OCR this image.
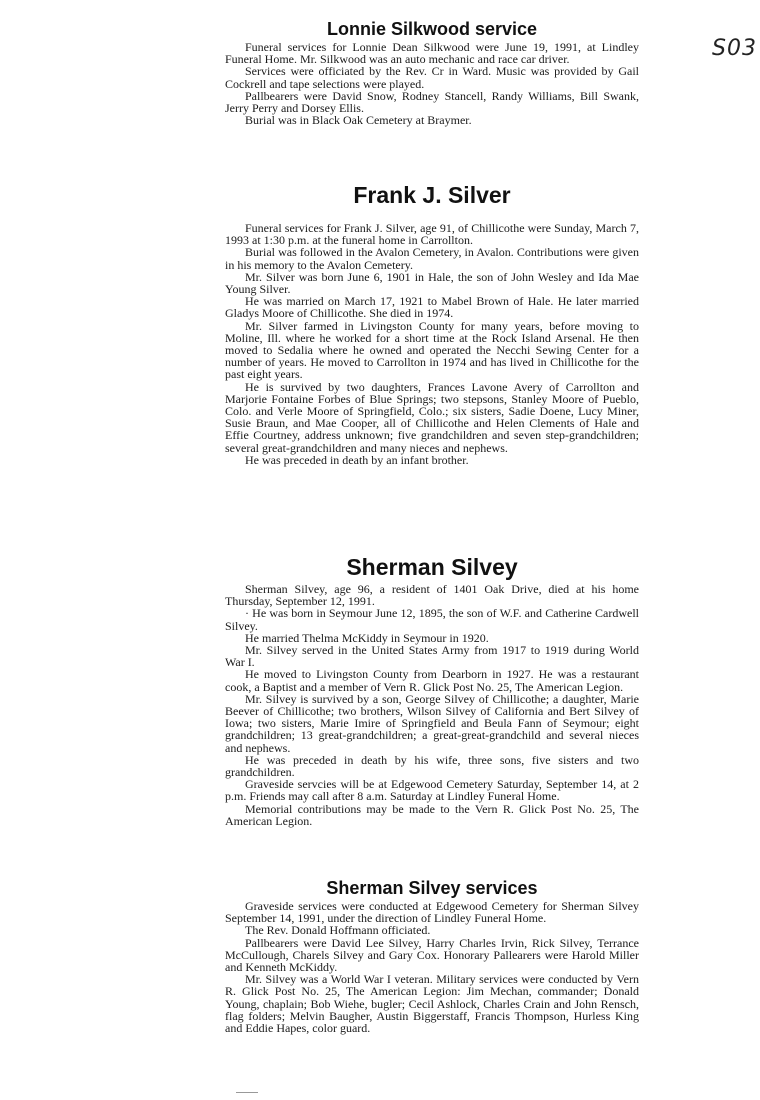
S03
Lonnie Silkwood service

Funeral services for Lonnie Dean Silkwood were June 19, 1991, at Lindley Funeral Home. Mr. Silkwood was an auto mechanic and race car driver.

Services were officiated by the Rev. Cr in Ward. Music was provided by Gail Cockrell and tape selections were played.

Pallbearers were David Snow, Rodney Stancell, Randy Williams, Bill Swank, Jerry Perry and Dorsey Ellis.

Burial was in Black Oak Cemetery at Braymer.

Frank J. Silver

Funeral services for Frank J. Silver, age 91, of Chillicothe were Sunday, March 7, 1993 at 1:30 p.m. at the funeral home in Carrollton.

Burial was followed in the Avalon Cemetery, in Avalon. Contributions were given in his memory to the Avalon Cemetery.

Mr. Silver was born June 6, 1901 in Hale, the son of John Wesley and Ida Mae Young Silver.

He was married on March 17, 1921 to Mabel Brown of Hale. He later married Gladys Moore of Chillicothe. She died in 1974.

Mr. Silver farmed in Livingston County for many years, before moving to Moline, Ill. where he worked for a short time at the Rock Island Arsenal. He then moved to Sedalia where he owned and operated the Necchi Sewing Center for a number of years. He moved to Carrollton in 1974 and has lived in Chillicothe for the past eight years.

He is survived by two daughters, Frances Lavone Avery of Carrollton and Marjorie Fontaine Forbes of Blue Springs; two stepsons, Stanley Moore of Pueblo, Colo. and Verle Moore of Springfield, Colo.; six sisters, Sadie Doene, Lucy Miner, Susie Braun, and Mae Cooper, all of Chillicothe and Helen Clements of Hale and Effie Courtney, address unknown; five grandchildren and seven step-grandchildren; several great-grandchildren and many nieces and nephews.

He was preceded in death by an infant brother.

Sherman Silvey

Sherman Silvey, age 96, a resident of 1401 Oak Drive, died at his home Thursday, September 12, 1991.

· He was born in Seymour June 12, 1895, the son of W.F. and Catherine Cardwell Silvey.

He married Thelma McKiddy in Seymour in 1920.

Mr. Silvey served in the United States Army from 1917 to 1919 during World War I.

He moved to Livingston County from Dearborn in 1927. He was a restaurant cook, a Baptist and a member of Vern R. Glick Post No. 25, The American Legion.

Mr. Silvey is survived by a son, George Silvey of Chillicothe; a daughter, Marie Beever of Chillicothe; two brothers, Wilson Silvey of California and Bert Silvey of Iowa; two sisters, Marie Imire of Springfield and Beula Fann of Seymour; eight grandchildren; 13 great-grandchildren; a great-great-grandchild and several nieces and nephews.

He was preceded in death by his wife, three sons, five sisters and two grandchildren.

Graveside servcies will be at Edgewood Cemetery Saturday, September 14, at 2 p.m. Friends may call after 8 a.m. Saturday at Lindley Funeral Home.

Memorial contributions may be made to the Vern R. Glick Post No. 25, The American Legion.

Sherman Silvey services

Graveside services were conducted at Edgewood Cemetery for Sherman Silvey September 14, 1991, under the direction of Lindley Funeral Home.

The Rev. Donald Hoffmann officiated.

Pallbearers were David Lee Silvey, Harry Charles Irvin, Rick Silvey, Terrance McCullough, Charels Silvey and Gary Cox. Honorary Pallearers were Harold Miller and Kenneth McKiddy.

Mr. Silvey was a World War I veteran. Military services were conducted by Vern R. Glick Post No. 25, The American Legion: Jim Mechan, commander; Donald Young, chaplain; Bob Wiehe, bugler; Cecil Ashlock, Charles Crain and John Rensch, flag folders; Melvin Baugher, Austin Biggerstaff, Francis Thompson, Hurless King and Eddie Hapes, color guard.
